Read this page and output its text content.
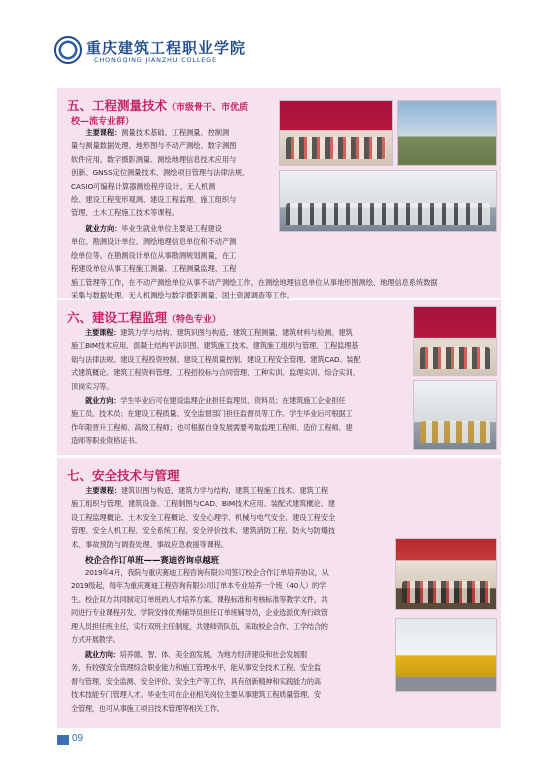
重庆建筑工程职业学院
CHONGQING JIANZHU COLLEGE
五、工程测量技术（市级骨干、市优质
校—流专业群）
　　主要课程：测量技术基础、工程测量、控制测
量与测量数据处理、地形图与不动产测绘、数字测图
软件应用、数字摄影测量、测绘地理信息技术应用与
创新、GNSS定位测量技术、测绘项目管理与法律法规、
CASIO可编程计算器测绘程序设计、无人机测
绘、建设工程变形观测、建设工程监理、施工组织与
管理、土木工程施工技术等课程。
　　就业方向：毕业生就业单位主要是工程建设
单位、勘测设计单位、测绘地理信息单位和不动产测
绘单位等。在勘测设计单位从事勘测规划测量，在工
程建设单位从事工程施工测量、工程测量监理、工程
施工管理等工作，在不动产测绘单位从事不动产测绘工作，在测绘地理信息单位从事地形图测绘、地理信息系统数据
采集与数据处理、无人机测绘与数字摄影测量、国土资源调查等工作。
六、建设工程监理（特色专业）
　　主要课程：建筑力学与结构、建筑识图与构造、建筑工程测量、建筑材料与检测、建筑
施工BIM技术应用、混凝土结构平法识图、建筑施工技术、建筑施工组织与管理、工程监理基
础与法律法规、建设工程投资控制、建设工程质量控制、建设工程安全管理、建筑CAD、装配
式建筑概论、建筑工程资料管理、工程招投标与合同管理、工种实训、监理实训、综合实训、
顶岗实习等。
　　就业方向：学生毕业后可在建设监理企业担任监理员、资料员；在建筑施工企业担任
施工员、技术员；在建设工程质量、安全监督部门担任监督员等工作。学生毕业后可根据工
作年限晋升工程师、高级工程师；也可根据自身发展需要考取监理工程师、造价工程师、建
造师等职业资格证书。
七、安全技术与管理
　　主要课程：建筑识图与构造、建筑力学与结构、建筑工程施工技术、建筑工程
施工组织与管理、建筑设备、工程制图与CAD、BIM技术应用、装配式建筑概论、建
设工程监理概论、土木安全工程概论、安全心理学、机械与电气安全、建设工程安全
管理、安全人机工程、安全系统工程、安全评价技术、建筑消防工程、防火与防爆技
术、事故预防与调查处理、事故应急救援等课程。
校企合作订单班——赛迪咨询卓越班
　　2019年4月，我院与重庆赛迪工程咨询有限公司签订校企合作订单培养协议，从
2019级起，每年为重庆赛迪工程咨询有限公司订单本专业培养一个班（40人）的学
生。校企双方共同制定订单班的人才培养方案、课程标准和考核标准等教学文件，共
同进行专业课程开发。学院安排优秀辅导员担任订单班辅导员，企业选派优秀行政管
理人员担任班主任，实行双班主任制度，共建师资队伍，采取校企合作、工学结合的
方式开展教学。
　　就业方向：培养德、智、体、美全面发展，为地方经济建设和社会发展服
务，有较强安全管理综合职业能力和施工管理水平，能从事安全技术工程、安全监
督与管理、安全监测、安全评价、安全生产等工作，具有创新精神和实践能力的高
技术技能专门管理人才。毕业生可在企业相关岗位主要从事建筑工程质量管理、安
全管理，也可从事施工项目技术管理等相关工作。
09
